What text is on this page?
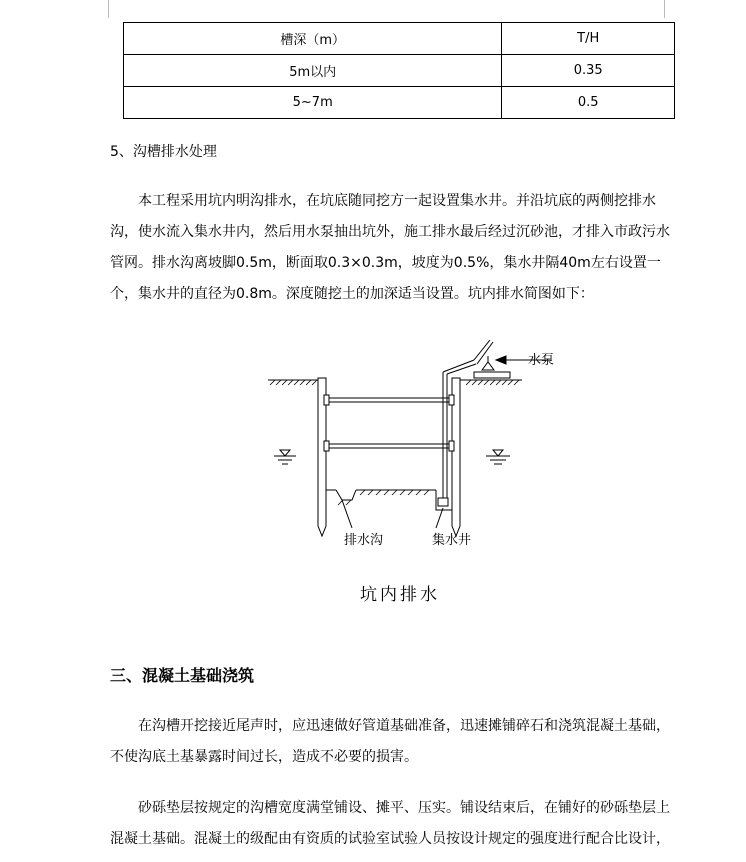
槽深（m）	T/H
5m以内	0.35
5~7m	0.5
5、沟槽排水处理

本工程采用坑内明沟排水，在坑底随同挖方一起设置集水井。并沿坑底的两侧挖排水沟，使水流入集水井内，然后用水泵抽出坑外，施工排水最后经过沉砂池，才排入市政污水管网。排水沟离坡脚0.5m，断面取0.3×0.3m，坡度为0.5%，集水井隔40m左右设置一个，集水井的直径为0.8m。深度随挖土的加深适当设置。坑内排水简图如下：

水泵
排水沟	集水井
坑内排水
三、混凝土基础浇筑

在沟槽开挖接近尾声时，应迅速做好管道基础准备，迅速摊铺碎石和浇筑混凝土基础，不使沟底土基暴露时间过长，造成不必要的损害。

砂砾垫层按规定的沟槽宽度满堂铺设、摊平、压实。铺设结束后，在铺好的砂砾垫层上混凝土基础。混凝土的级配由有资质的试验室试验人员按设计规定的强度进行配合比设计，
